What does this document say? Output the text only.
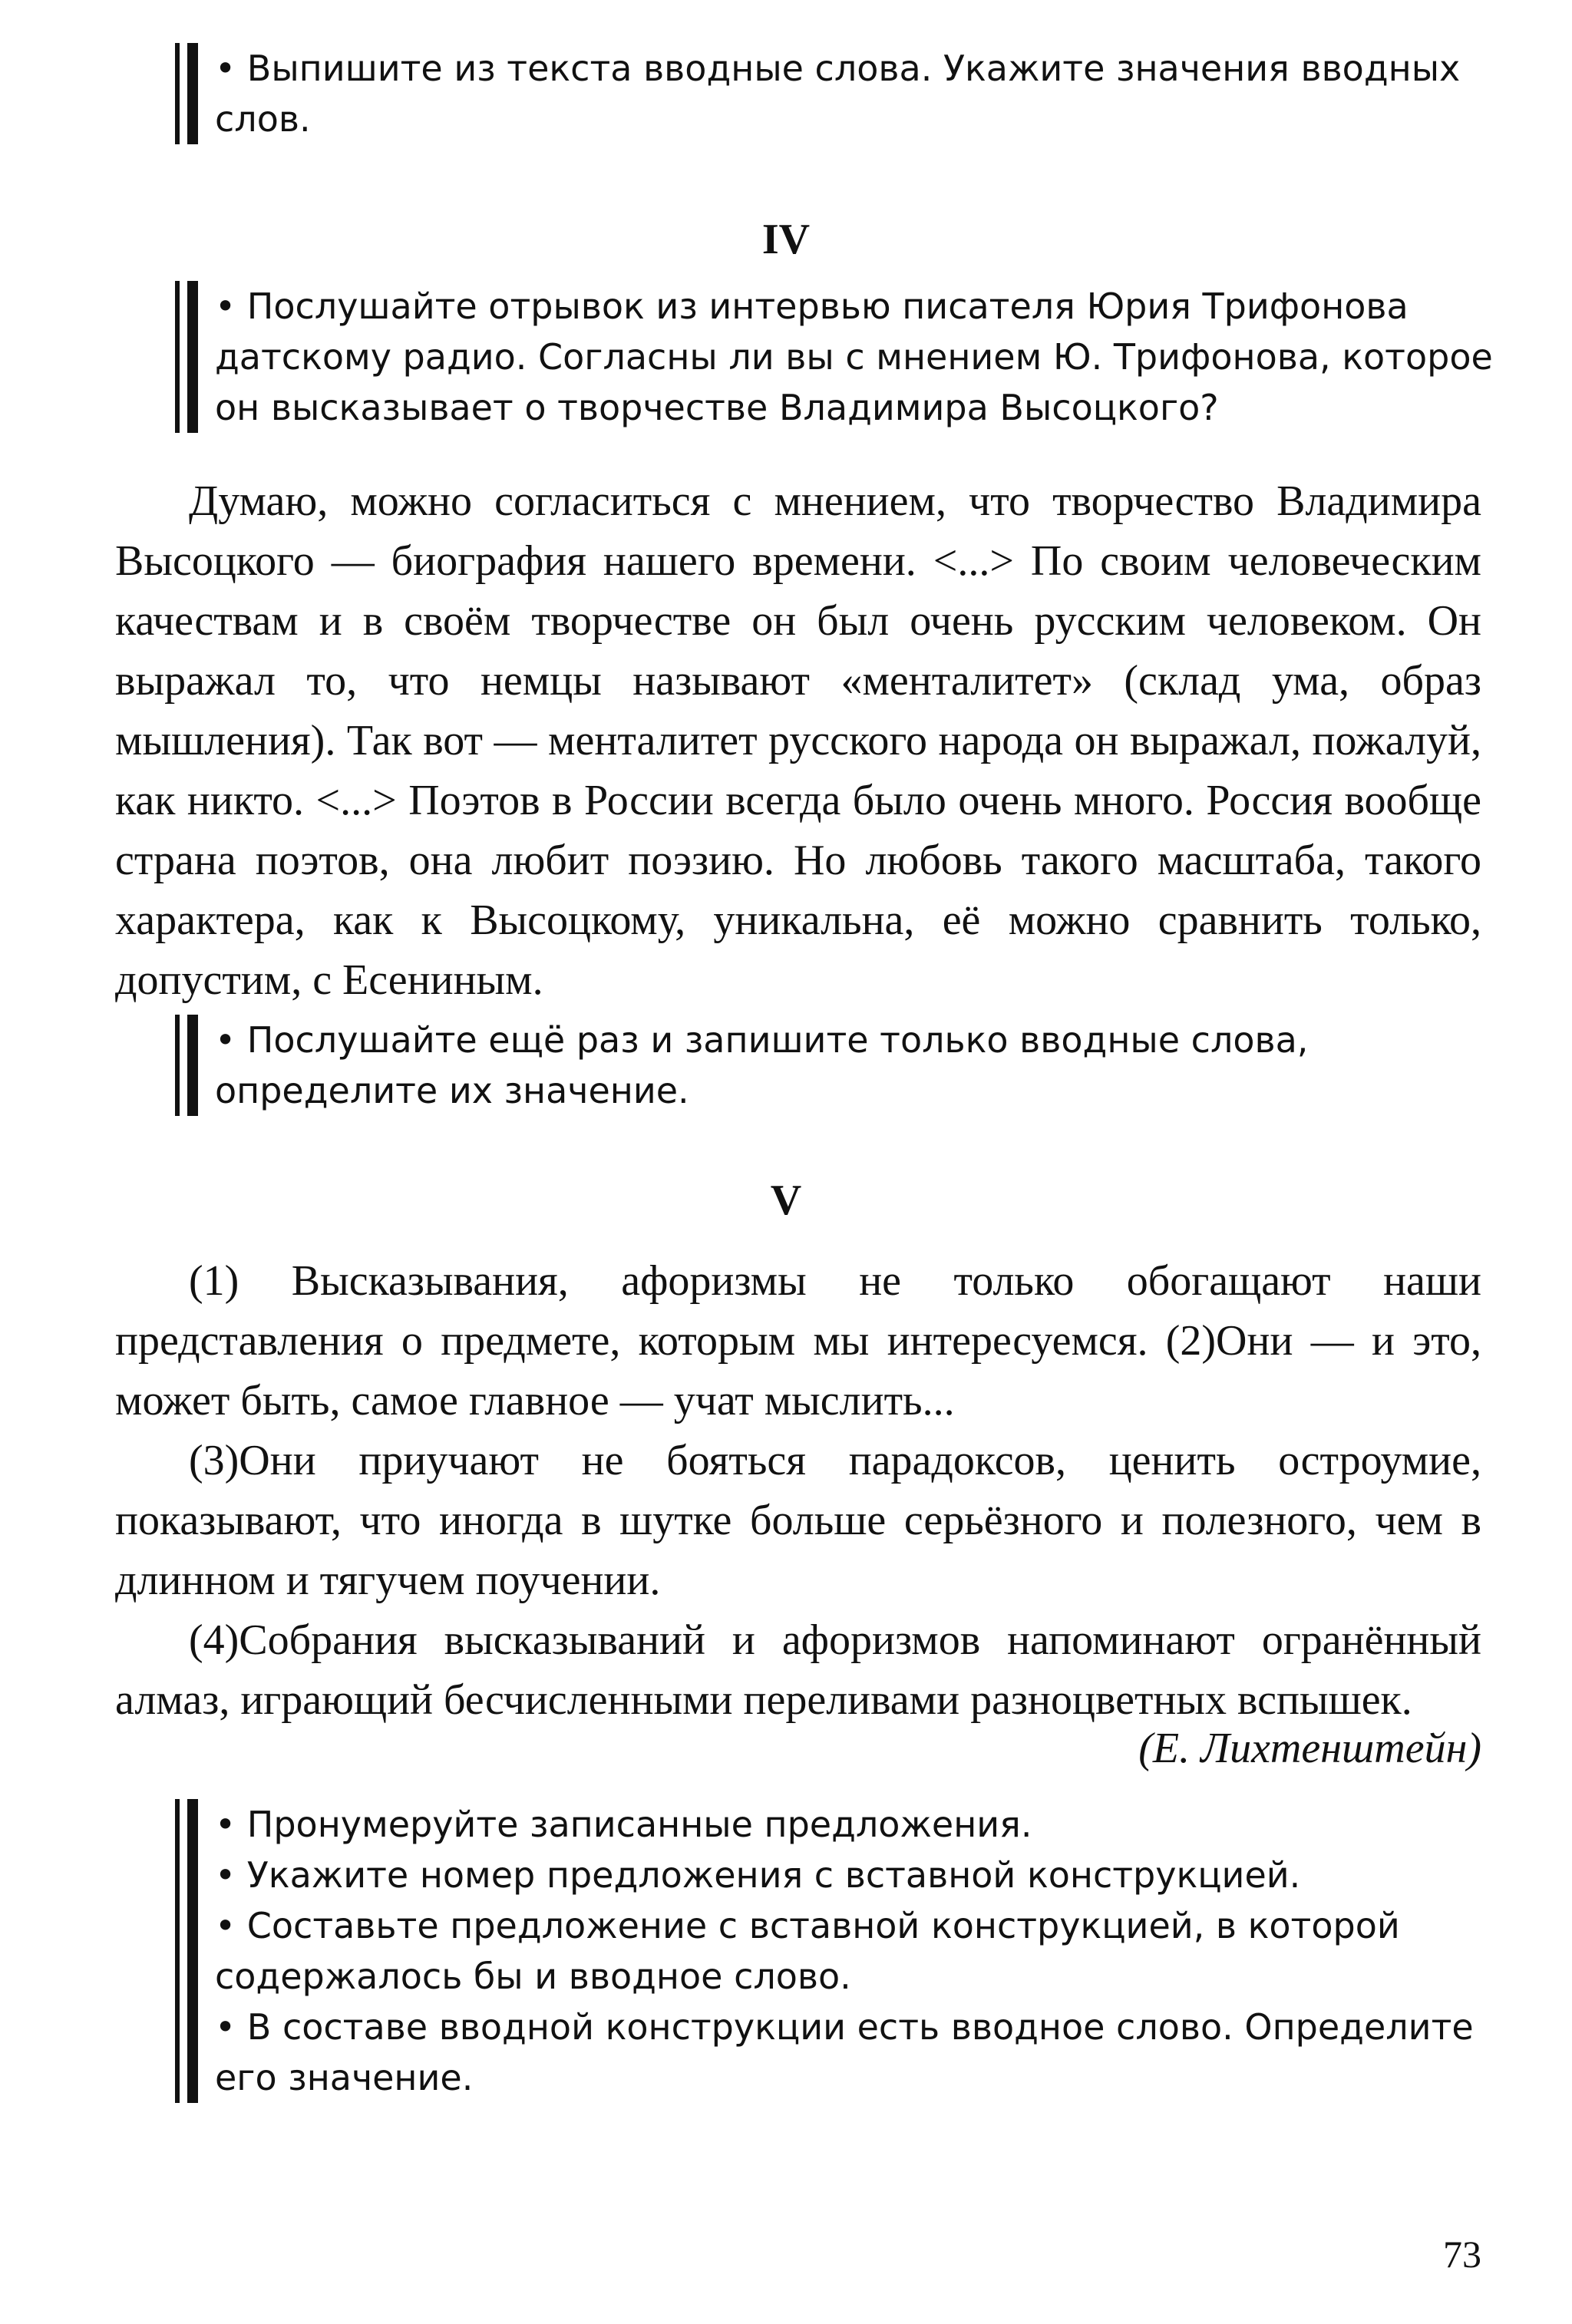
• Выпишите из текста вводные слова. Укажите значения вводных слов.

IV

• Послушайте отрывок из интервью писателя Юрия Трифонова датскому радио. Согласны ли вы с мнением Ю. Трифонова, которое он высказывает о творчестве Владимира Высоцкого?

Думаю, можно согласиться с мнением, что творчество Владимира Высоцкого — биография нашего времени. <...> По своим человеческим качествам и в своём творчестве он был очень русским человеком. Он выражал то, что немцы называют «менталитет» (склад ума, образ мышления). Так вот — менталитет русского народа он выражал, пожалуй, как никто. <...> Поэтов в России всегда было очень много. Россия вообще страна поэтов, она любит поэзию. Но любовь такого масштаба, такого характера, как к Высоцкому, уникальна, её можно сравнить только, допустим, с Есениным.

• Послушайте ещё раз и запишите только вводные слова, определите их значение.

V

(1) Высказывания, афоризмы не только обогащают наши представления о предмете, которым мы интересуемся. (2)Они — и это, может быть, самое главное — учат мыслить...

(3)Они приучают не бояться парадоксов, ценить остроумие, показывают, что иногда в шутке больше серьёзного и полезного, чем в длинном и тягучем поучении.

(4)Собрания высказываний и афоризмов напоминают огранённый алмаз, играющий бесчисленными переливами разноцветных вспышек.

(Е. Лихтенштейн)

• Пронумеруйте записанные предложения.

• Укажите номер предложения с вставной конструкцией.

• Составьте предложение с вставной конструкцией, в которой содержалось бы и вводное слово.

• В составе вводной конструкции есть вводное слово. Определите его значение.

73
